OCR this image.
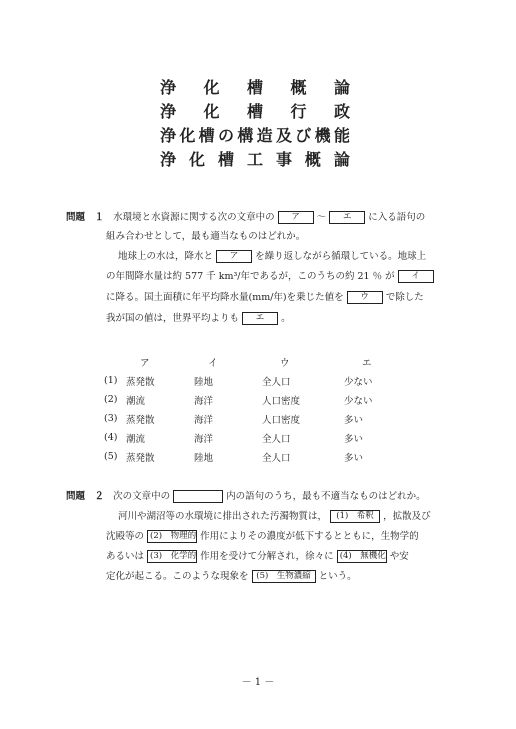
浄 化 槽 概 論
浄 化 槽 行 政
浄 化 槽 の 構 造 及 び 機 能
浄 化 槽 工 事 概 論
問題　１ 水環境と水資源に関する次の文章中の ア ～ エ に入る語句の
組み合わせとして，最も適当なものはどれか。
地球上の水は，降水と ア を繰り返しながら循環している。地球上
の年間降水量は約 577 千 km³/年であるが，このうちの約 21 ％ が イ
に降る。国土面積に年平均降水量(mm/年)を乗じた値を ウ で除した
我が国の値は，世界平均よりも エ 。
	ア	イ	ウ	エ
(1)	蒸発散	陸地	全人口	少ない
(2)	潮流	海洋	人口密度	少ない
(3)	蒸発散	海洋	人口密度	多い
(4)	潮流	海洋	全人口	多い
(5)	蒸発散	陸地	全人口	多い
問題　２ 次の文章中の	内の語句のうち，最も不適当なものはどれか。
河川や湖沼等の水環境に排出された汚濁物質は， (1)　希釈 ，拡散及び
沈殿等の (2)　物理的 作用によりその濃度が低下するとともに，生物学的
あるいは (3)　化学的 作用を受けて分解され，徐々に (4)　無機化 や安
定化が起こる。このような現象を (5)　生物濃縮 という。
－ 1 －
